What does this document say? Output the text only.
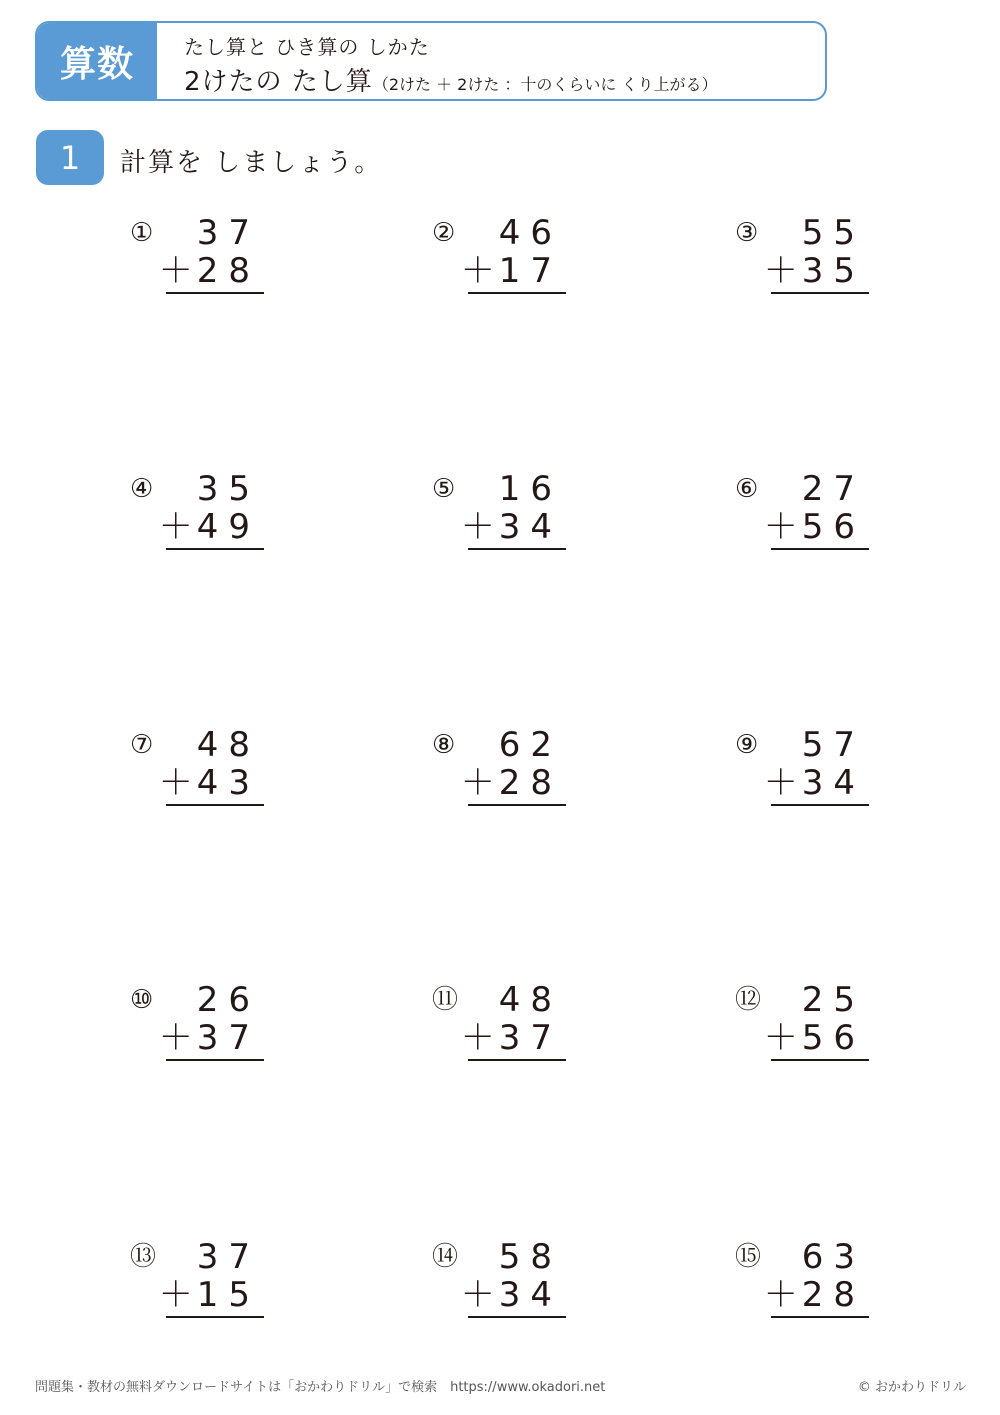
算数	たし算と ひき算の しかた
2けたの たし算（2けた ＋ 2けた ：十のくらいに くり上がる）
1	計算を しましょう。
① 37
＋28
② 46
＋17
③ 55
＋35
④ 35
＋49
⑤ 16
＋34
⑥ 27
＋56
⑦ 48
＋43
⑧ 62
＋28
⑨ 57
＋34
⑩ 26
＋37
⑪ 48
＋37
⑫ 25
＋56
⑬ 37
＋15
⑭ 58
＋34
⑮ 63
＋28
問題集・教材の無料ダウンロードサイトは「おかわりドリル」で検索　https://www.okadori.net	© おかわりドリル
